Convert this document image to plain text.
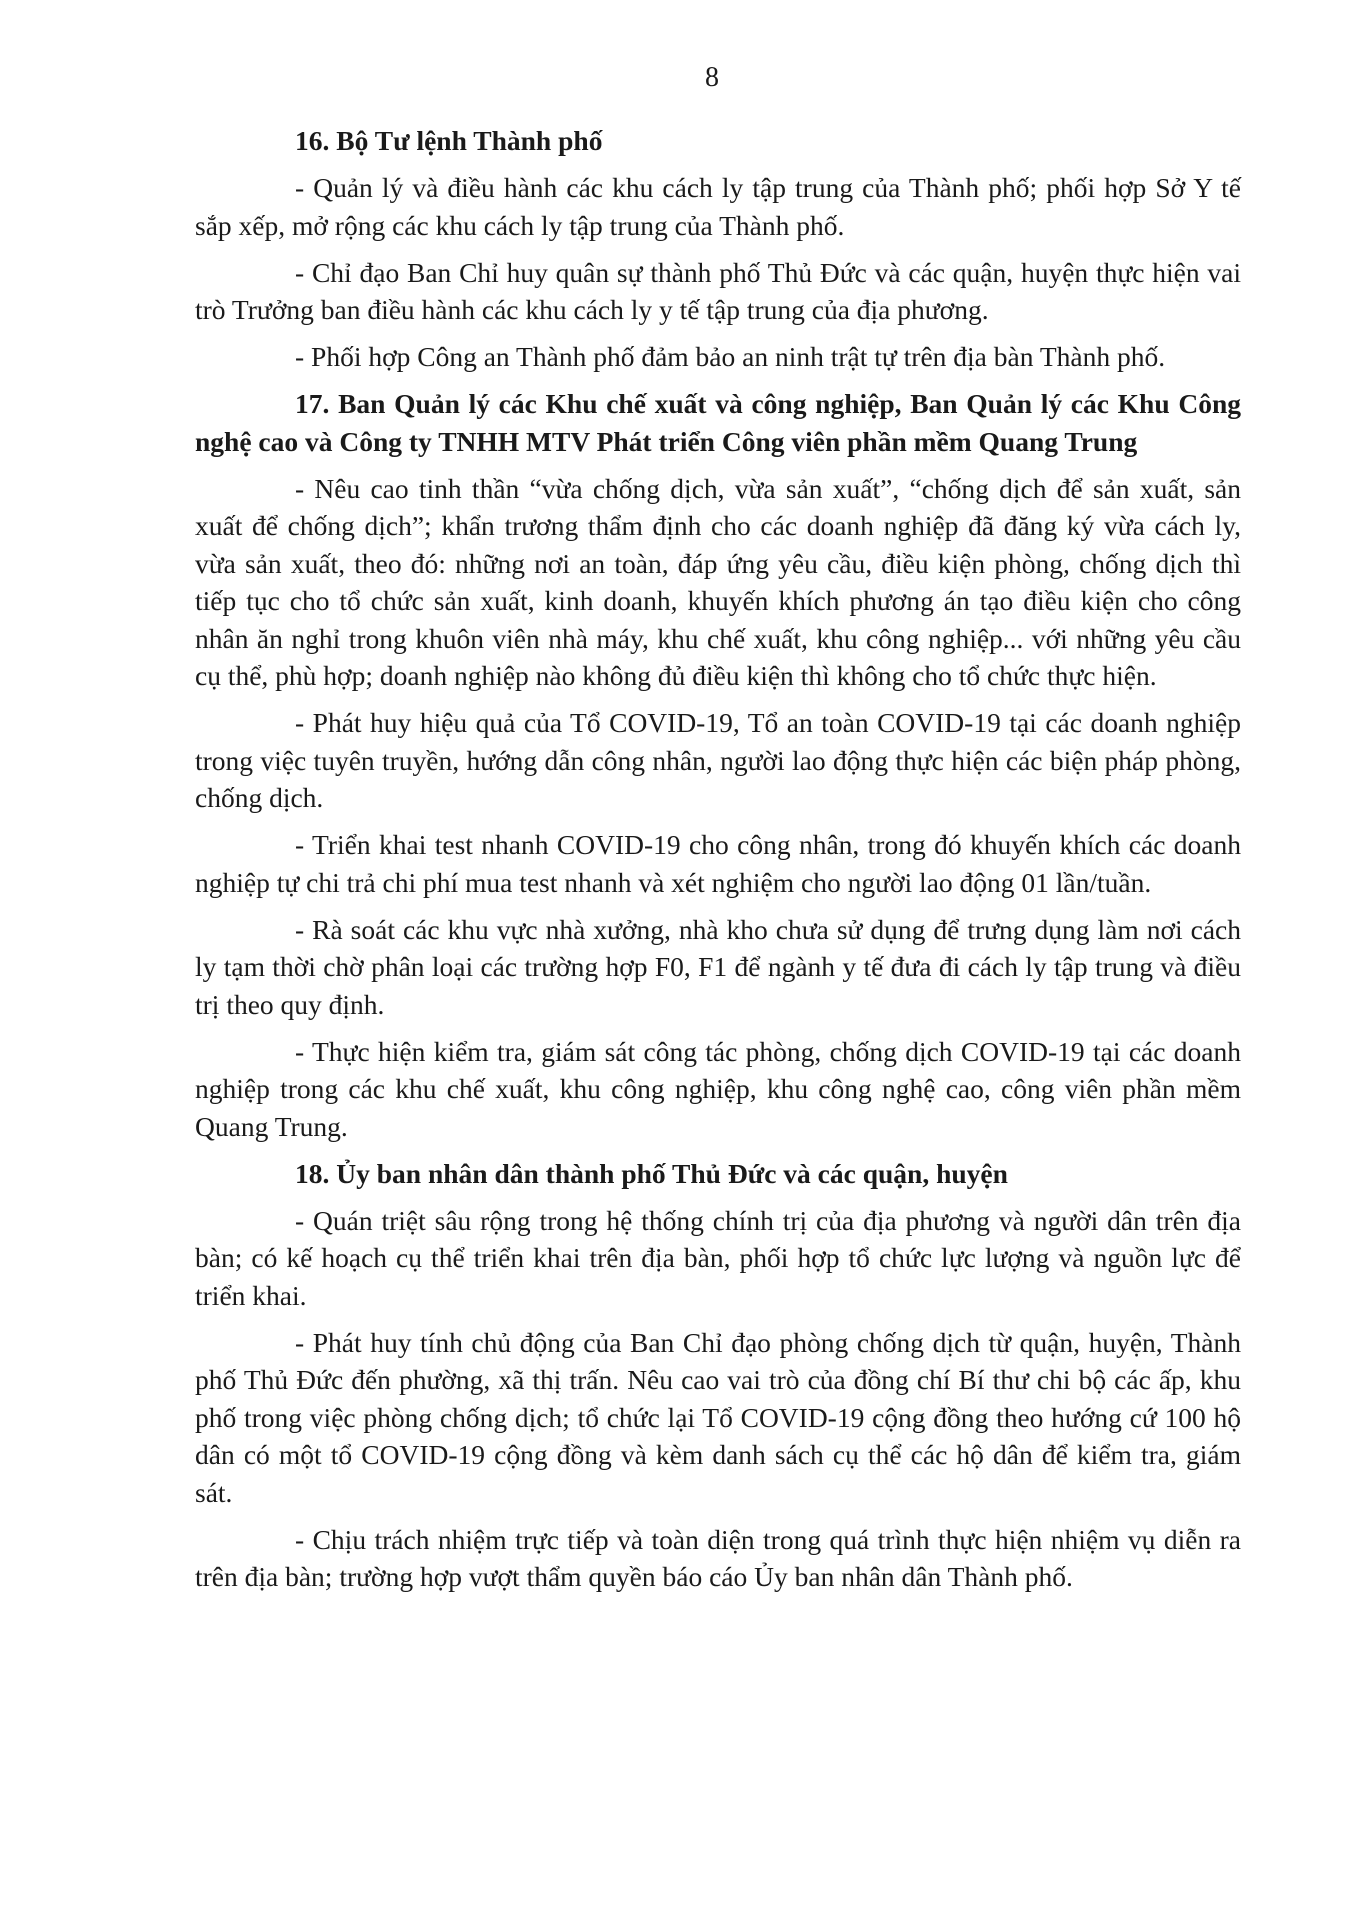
8

16. Bộ Tư lệnh Thành phố

- Quản lý và điều hành các khu cách ly tập trung của Thành phố; phối hợp Sở Y tế sắp xếp, mở rộng các khu cách ly tập trung của Thành phố.

- Chỉ đạo Ban Chỉ huy quân sự thành phố Thủ Đức và các quận, huyện thực hiện vai trò Trưởng ban điều hành các khu cách ly y tế tập trung của địa phương.

- Phối hợp Công an Thành phố đảm bảo an ninh trật tự trên địa bàn Thành phố.

17. Ban Quản lý các Khu chế xuất và công nghiệp, Ban Quản lý các Khu Công nghệ cao và Công ty TNHH MTV Phát triển Công viên phần mềm Quang Trung

- Nêu cao tinh thần “vừa chống dịch, vừa sản xuất”, “chống dịch để sản xuất, sản xuất để chống dịch”; khẩn trương thẩm định cho các doanh nghiệp đã đăng ký vừa cách ly, vừa sản xuất, theo đó: những nơi an toàn, đáp ứng yêu cầu, điều kiện phòng, chống dịch thì tiếp tục cho tổ chức sản xuất, kinh doanh, khuyến khích phương án tạo điều kiện cho công nhân ăn nghỉ trong khuôn viên nhà máy, khu chế xuất, khu công nghiệp... với những yêu cầu cụ thể, phù hợp; doanh nghiệp nào không đủ điều kiện thì không cho tổ chức thực hiện.

- Phát huy hiệu quả của Tổ COVID-19, Tổ an toàn COVID-19 tại các doanh nghiệp trong việc tuyên truyền, hướng dẫn công nhân, người lao động thực hiện các biện pháp phòng, chống dịch.

- Triển khai test nhanh COVID-19 cho công nhân, trong đó khuyến khích các doanh nghiệp tự chi trả chi phí mua test nhanh và xét nghiệm cho người lao động 01 lần/tuần.

- Rà soát các khu vực nhà xưởng, nhà kho chưa sử dụng để trưng dụng làm nơi cách ly tạm thời chờ phân loại các trường hợp F0, F1 để ngành y tế đưa đi cách ly tập trung và điều trị theo quy định.

- Thực hiện kiểm tra, giám sát công tác phòng, chống dịch COVID-19 tại các doanh nghiệp trong các khu chế xuất, khu công nghiệp, khu công nghệ cao, công viên phần mềm Quang Trung.

18. Ủy ban nhân dân thành phố Thủ Đức và các quận, huyện

- Quán triệt sâu rộng trong hệ thống chính trị của địa phương và người dân trên địa bàn; có kế hoạch cụ thể triển khai trên địa bàn, phối hợp tổ chức lực lượng và nguồn lực để triển khai.

- Phát huy tính chủ động của Ban Chỉ đạo phòng chống dịch từ quận, huyện, Thành phố Thủ Đức đến phường, xã thị trấn. Nêu cao vai trò của đồng chí Bí thư chi bộ các ấp, khu phố trong việc phòng chống dịch; tổ chức lại Tổ COVID-19 cộng đồng theo hướng cứ 100 hộ dân có một tổ COVID-19 cộng đồng và kèm danh sách cụ thể các hộ dân để kiểm tra, giám sát.

- Chịu trách nhiệm trực tiếp và toàn diện trong quá trình thực hiện nhiệm vụ diễn ra trên địa bàn; trường hợp vượt thẩm quyền báo cáo Ủy ban nhân dân Thành phố.
